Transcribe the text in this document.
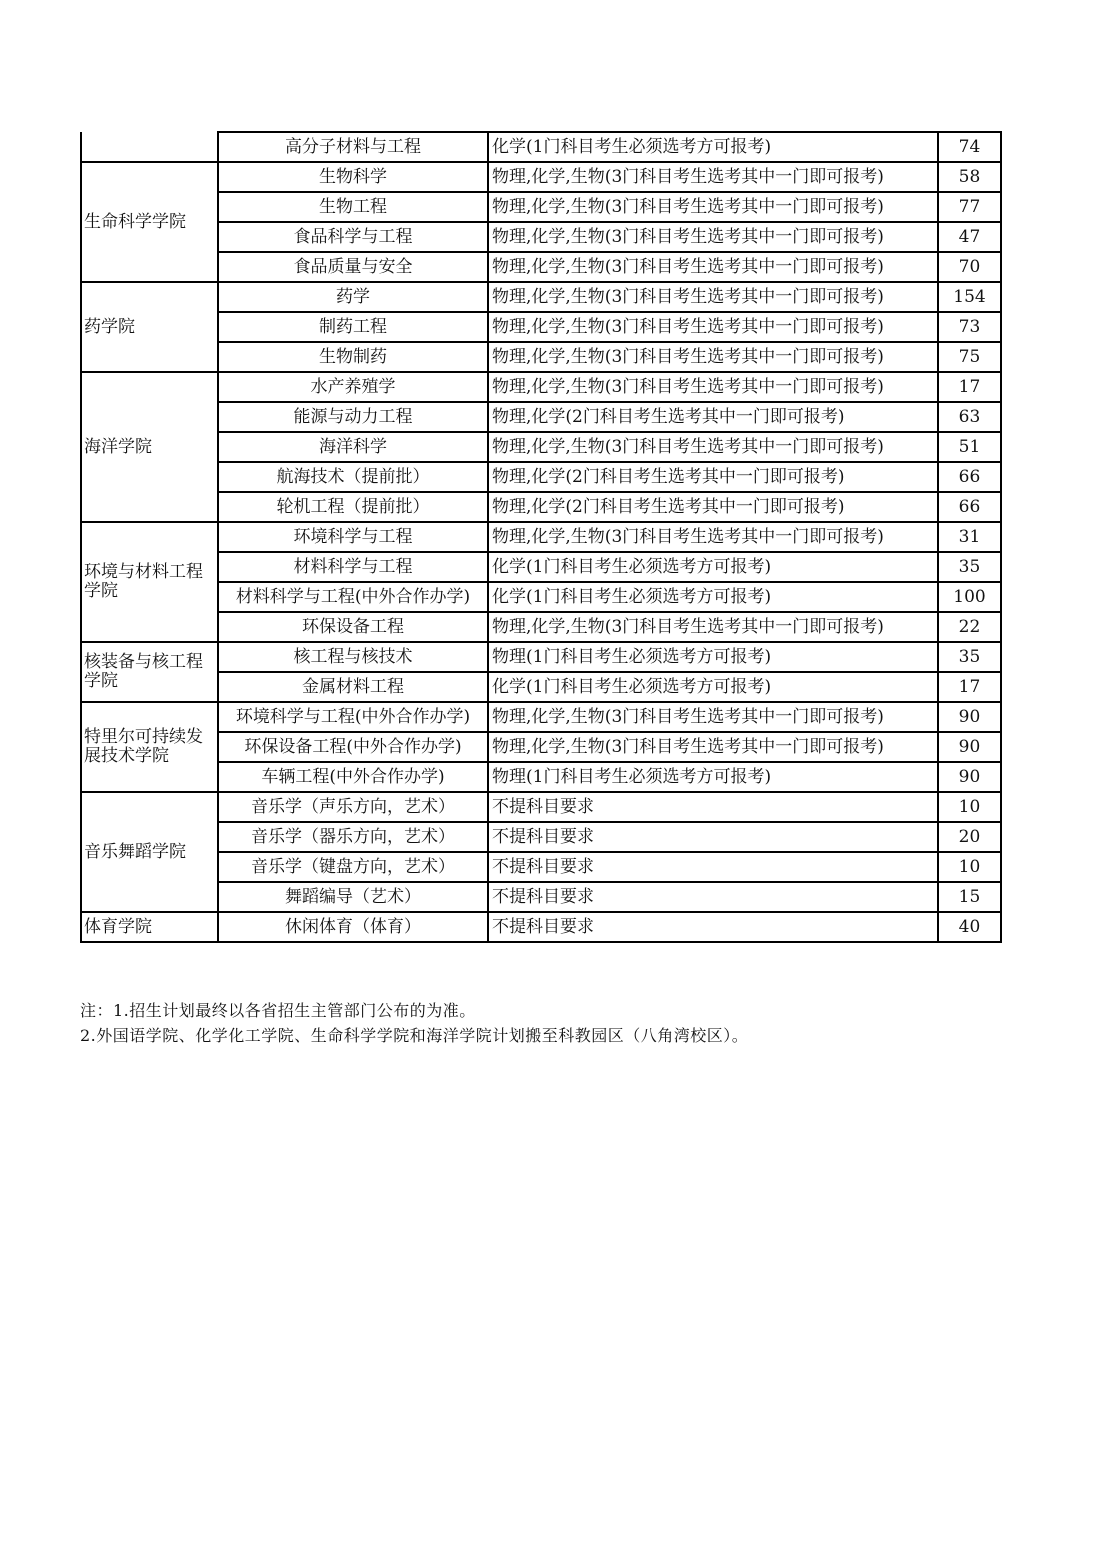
	高分子材料与工程	化学(1门科目考生必须选考方可报考)	74
生命科学学院	生物科学	物理,化学,生物(3门科目考生选考其中一门即可报考)	58
	生物工程	物理,化学,生物(3门科目考生选考其中一门即可报考)	77
	食品科学与工程	物理,化学,生物(3门科目考生选考其中一门即可报考)	47
	食品质量与安全	物理,化学,生物(3门科目考生选考其中一门即可报考)	70
药学院	药学	物理,化学,生物(3门科目考生选考其中一门即可报考)	154
	制药工程	物理,化学,生物(3门科目考生选考其中一门即可报考)	73
	生物制药	物理,化学,生物(3门科目考生选考其中一门即可报考)	75
海洋学院	水产养殖学	物理,化学,生物(3门科目考生选考其中一门即可报考)	17
	能源与动力工程	物理,化学(2门科目考生选考其中一门即可报考)	63
	海洋科学	物理,化学,生物(3门科目考生选考其中一门即可报考)	51
	航海技术（提前批）	物理,化学(2门科目考生选考其中一门即可报考)	66
	轮机工程（提前批）	物理,化学(2门科目考生选考其中一门即可报考)	66
环境与材料工程学院	环境科学与工程	物理,化学,生物(3门科目考生选考其中一门即可报考)	31
	材料科学与工程	化学(1门科目考生必须选考方可报考)	35
	材料科学与工程(中外合作办学)	化学(1门科目考生必须选考方可报考)	100
	环保设备工程	物理,化学,生物(3门科目考生选考其中一门即可报考)	22
核装备与核工程学院	核工程与核技术	物理(1门科目考生必须选考方可报考)	35
	金属材料工程	化学(1门科目考生必须选考方可报考)	17
特里尔可持续发展技术学院	环境科学与工程(中外合作办学)	物理,化学,生物(3门科目考生选考其中一门即可报考)	90
	环保设备工程(中外合作办学)	物理,化学,生物(3门科目考生选考其中一门即可报考)	90
	车辆工程(中外合作办学)	物理(1门科目考生必须选考方可报考)	90
音乐舞蹈学院	音乐学（声乐方向，艺术）	不提科目要求	10
	音乐学（器乐方向，艺术）	不提科目要求	20
	音乐学（键盘方向，艺术）	不提科目要求	10
	舞蹈编导（艺术）	不提科目要求	15
体育学院	休闲体育（体育）	不提科目要求	40
注：1.招生计划最终以各省招生主管部门公布的为准。
2.外国语学院、化学化工学院、生命科学学院和海洋学院计划搬至科教园区（八角湾校区）。
